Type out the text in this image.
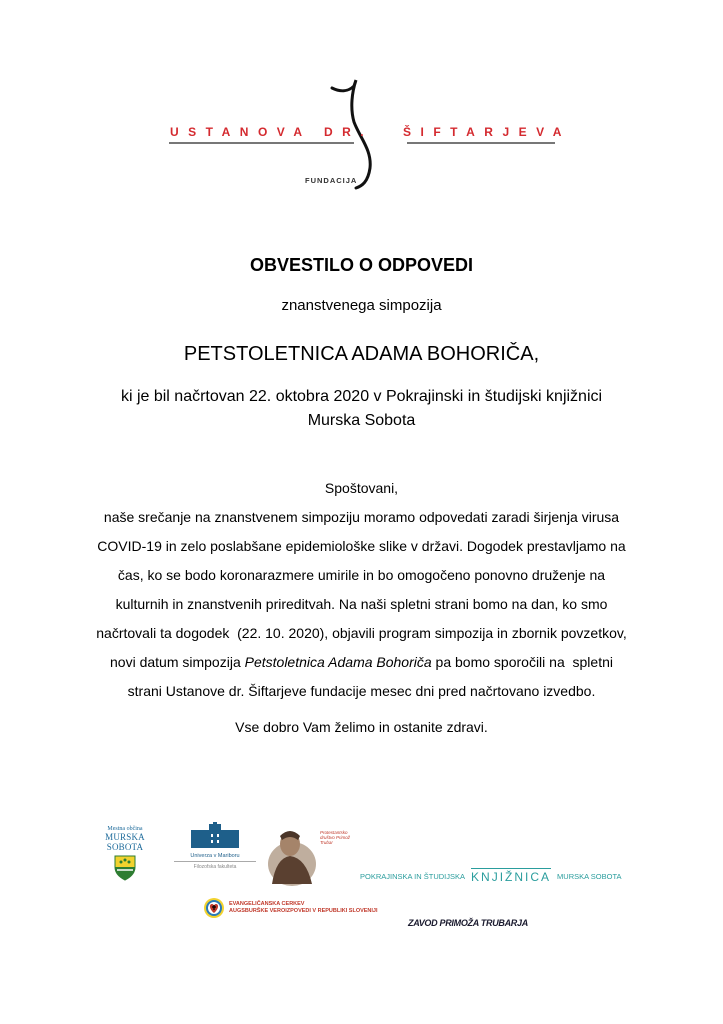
USTANOVA DR. ŠIFTARJEVA
FUNDACIJA
OBVESTILO O ODPOVEDI
znanstvenega simpozija
PETSTOLETNICA ADAMA BOHORIČA,
ki je bil načrtovan 22. oktobra 2020 v Pokrajinski in študijski knjižnici
Murska Sobota

Spoštovani,

naše srečanje na znanstvenem simpoziju moramo odpovedati zaradi širjenja virusa

COVID-19 in zelo poslabšane epidemiološke slike v državi. Dogodek prestavljamo na

čas, ko se bodo koronarazmere umirile in bo omogočeno ponovno druženje na

kulturnih in znanstvenih prireditvah. Na naši spletni strani bomo na dan, ko smo

načrtovali ta dogodek  (22. 10. 2020), objavili program simpozija in zbornik povzetkov,

novi datum simpozija Petstoletnica Adama Bohoriča pa bomo sporočili na  spletni

strani Ustanove dr. Šiftarjeve fundacije mesec dni pred načrtovano izvedbo.

Vse dobro Vam želimo in ostanite zdravi.
Mestna občina
MURSKA SOBOTA
Univerza v Mariboru
Filozofska fakulteta
Protestantsko društvo Primož Trubar
POKRAJINSKA IN ŠTUDIJSKA KNJIŽNICA MURSKA SOBOTA
EVANGELIČANSKA CERKEV
AUGSBURŠKE VEROIZPOVEDI V REPUBLIKI SLOVENIJI
ZAVOD PRIMOŽA TRUBARJA
